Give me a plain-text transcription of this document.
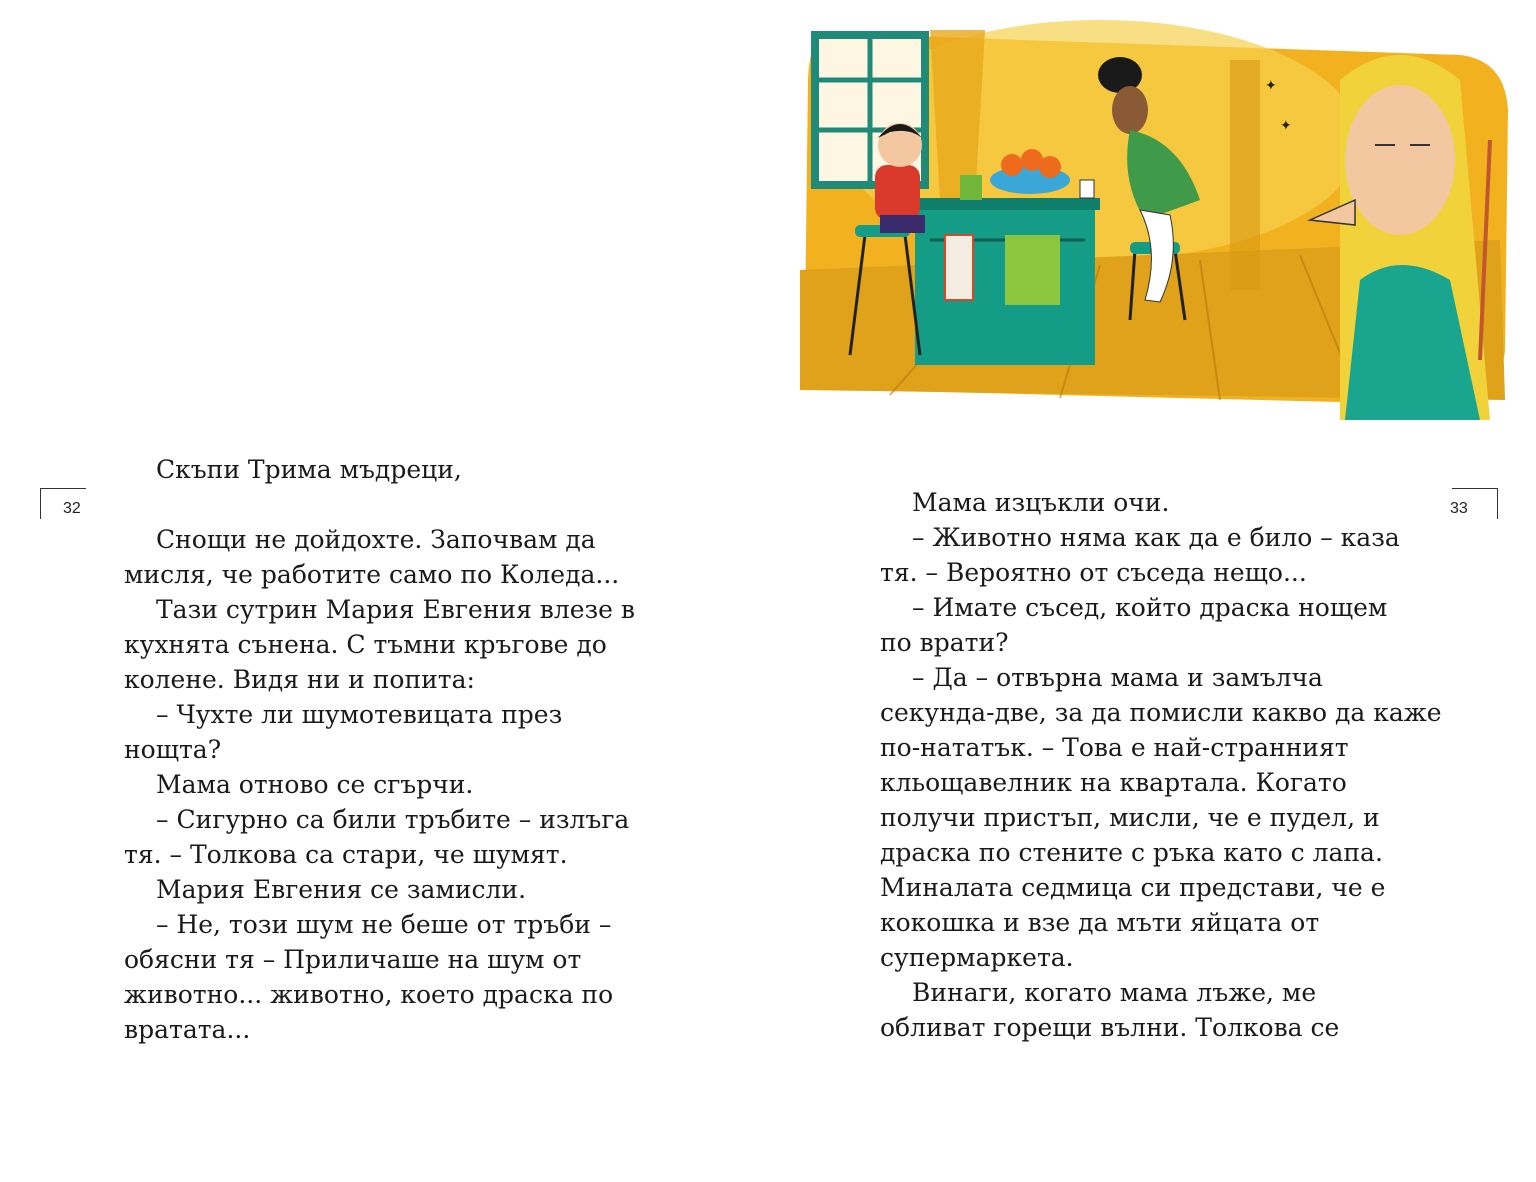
32	33

Скъпи Трима мъдреци,

Снощи не дойдохте. Започвам да

мисля, че работите само по Коледа...

Тази сутрин Мария Евгения влезе в

кухнята сънена. С тъмни кръгове до

колене. Видя ни и попита:

– Чухте ли шумотевицата през

нощта?

Мама отново се сгърчи.

– Сигурно са били тръбите – излъга

тя. – Толкова са стари, че шумят.

Мария Евгения се замисли.

– Не, този шум не беше от тръби –

обясни тя – Приличаше на шум от

животно... животно, което драска по

вратата...

Мама изцъкли очи.

– Животно няма как да е било – каза

тя. – Вероятно от съседа нещо...

– Имате съсед, който драска нощем

по врати?

– Да – отвърна мама и замълча

секунда-две, за да помисли какво да каже

по-нататък. – Това е най-странният

кльощавелник на квартала. Когато

получи пристъп, мисли, че е пудел, и

драска по стените с ръка като с лапа.

Миналата седмица си представи, че е

кокошка и взе да мъти яйцата от

супермаркета.

Винаги, когато мама лъже, ме

обливат горещи вълни. Толкова се

✦
✦
